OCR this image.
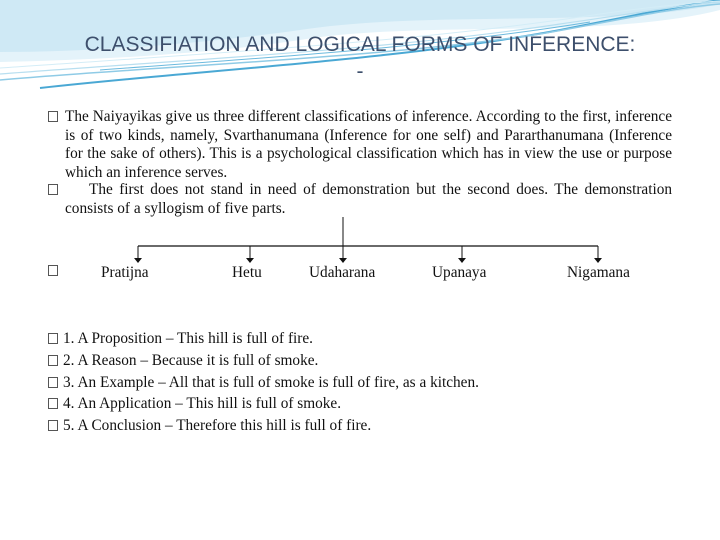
CLASSIFIATION AND LOGICAL FORMS OF INFERENCE:
-
The Naiyayikas give us three different classifications of inference. According to the first, inference is of two kinds, namely, Svarthanumana (Inference for one self) and Pararthanumana (Inference for the sake of others). This is a psychological classification which has in view the use or purpose which an inference serves.
The first does not stand in need of demonstration but the second does. The demonstration consists of a syllogism of five parts.
Pratijna	Hetu	Udaharana	Upanaya	Nigamana
1. A Proposition – This hill is full of fire.
2. A Reason – Because it is full of smoke.
3. An Example – All that is full of smoke is full of fire, as a kitchen.
4. An Application – This hill is full of smoke.
5. A Conclusion – Therefore this hill is full of fire.
